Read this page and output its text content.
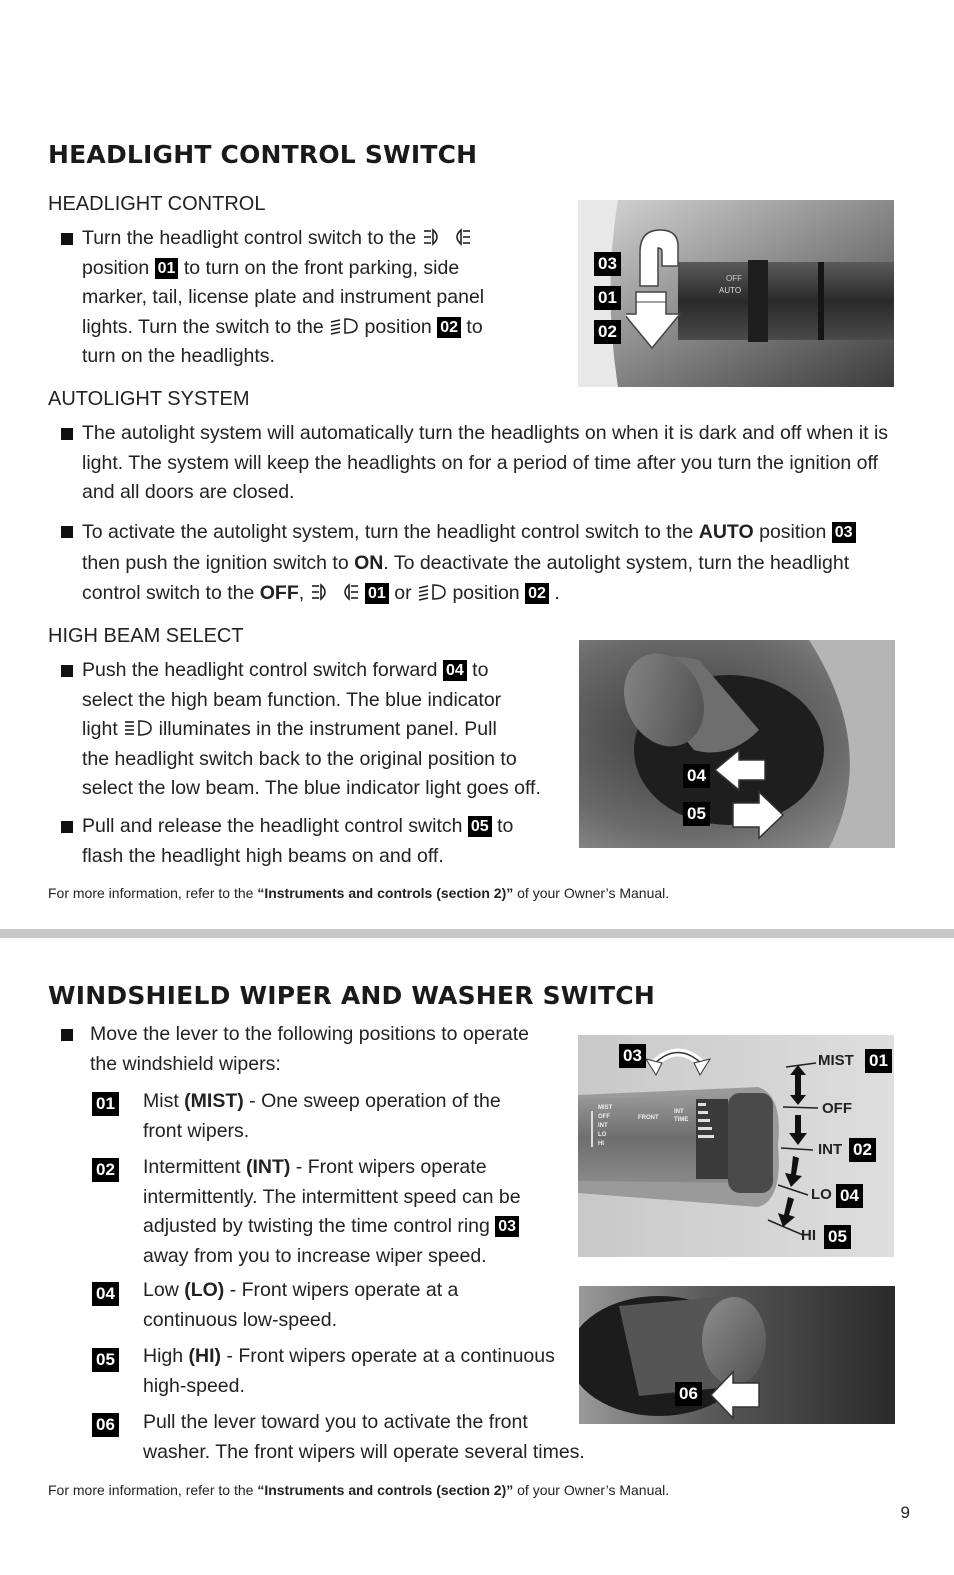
HEADLIGHT CONTROL SWITCH
HEADLIGHT CONTROL
Turn the headlight control switch to the
position 01 to turn on the front parking, side
marker, tail, license plate and instrument panel
lights. Turn the switch to the position 02 to
turn on the headlights.
OFF
AUTO
03
01
02
AUTOLIGHT SYSTEM
The autolight system will automatically turn the headlights on when it is dark and off when it is
light. The system will keep the headlights on for a period of time after you turn the ignition off
and all doors are closed.
To activate the autolight system, turn the headlight control switch to the AUTO position 03
then push the ignition switch to ON. To deactivate the autolight system, turn the headlight
control switch to the OFF,	01 or position 02 .
HIGH BEAM SELECT
Push the headlight control switch forward 04 to
select the high beam function. The blue indicator
light illuminates in the instrument panel. Pull
the headlight switch back to the original position to
select the low beam. The blue indicator light goes off.
Pull and release the headlight control switch 05 to
flash the headlight high beams on and off.
04
05
For more information, refer to the “Instruments and controls (section 2)” of your Owner’s Manual.
WINDSHIELD WIPER AND WASHER SWITCH
Move the lever to the following positions to operate
the windshield wipers:
01 Mist (MIST) - One sweep operation of the
front wipers.
02 Intermittent (INT) - Front wipers operate
intermittently. The intermittent speed can be
adjusted by twisting the time control ring 03
away from you to increase wiper speed.
04 Low (LO) - Front wipers operate at a
continuous low-speed.
05 High (HI) - Front wipers operate at a continuous
high-speed.
06 Pull the lever toward you to activate the front
washer. The front wipers will operate several times.
MIST
OFF
INT
LO
HI
FRONT
INT
TIME
03	MIST 01
OFF
INT 02
LO 04
HI 05
06
For more information, refer to the “Instruments and controls (section 2)” of your Owner’s Manual.
9
